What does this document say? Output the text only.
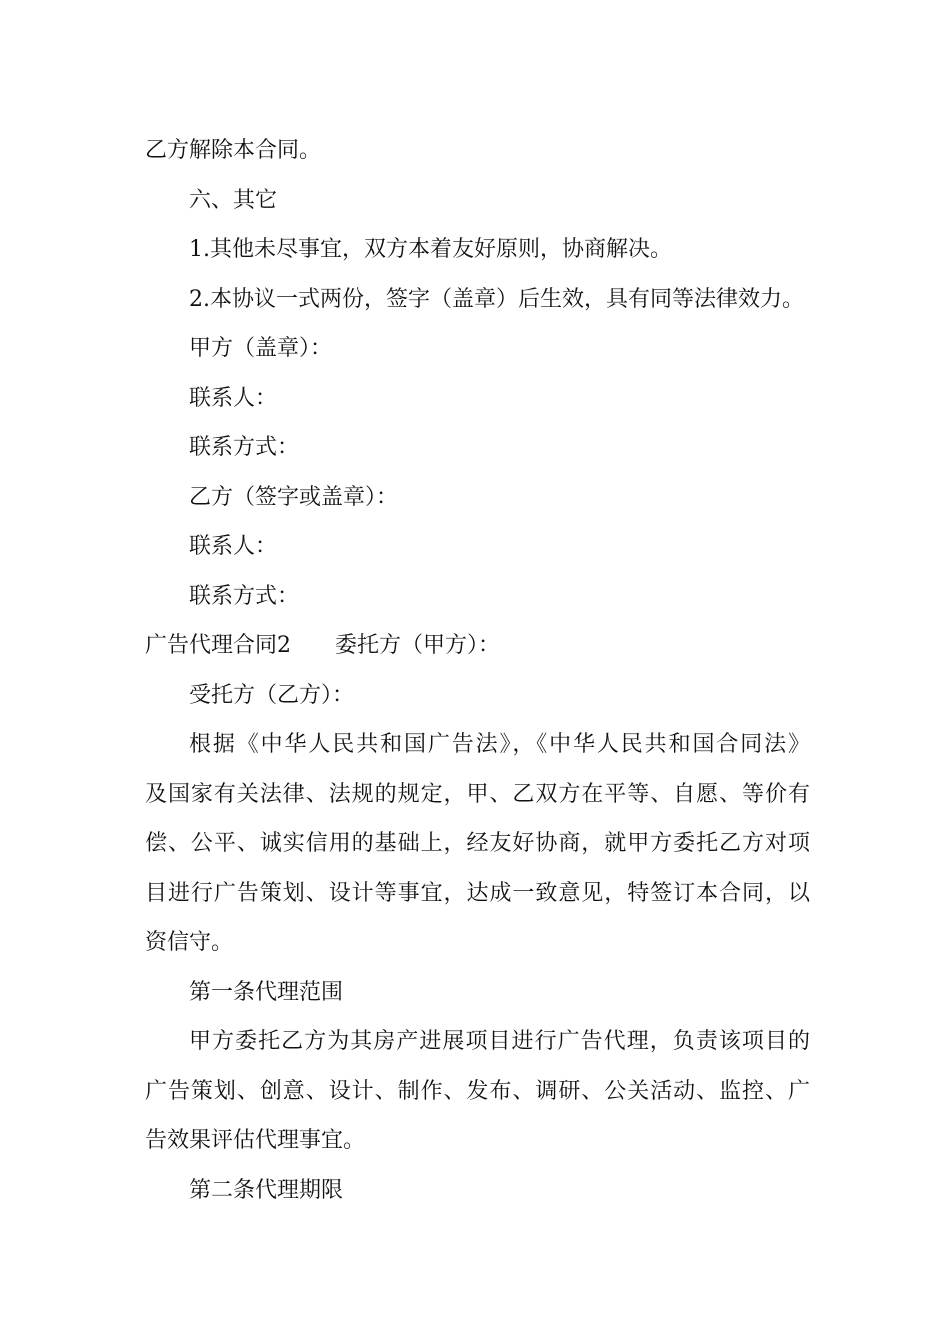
乙方解除本合同。
六、其它
1.其他未尽事宜，双方本着友好原则，协商解决。
2.本协议一式两份，签字（盖章）后生效，具有同等法律效力。
甲方（盖章）：
联系人：
联系方式：
乙方（签字或盖章）：
联系人：
联系方式：
广告代理合同2 委托方（甲方）：
受托方（乙方）：
根据《中华人民共和国广告法》，《中华人民共和国合同法》
及国家有关法律、法规的规定，甲、乙双方在平等、自愿、等价有
偿、公平、诚实信用的基础上，经友好协商，就甲方委托乙方对项
目进行广告策划、设计等事宜，达成一致意见，特签订本合同，以
资信守。
第一条代理范围
甲方委托乙方为其房产进展项目进行广告代理，负责该项目的
广告策划、创意、设计、制作、发布、调研、公关活动、监控、广
告效果评估代理事宜。
第二条代理期限
